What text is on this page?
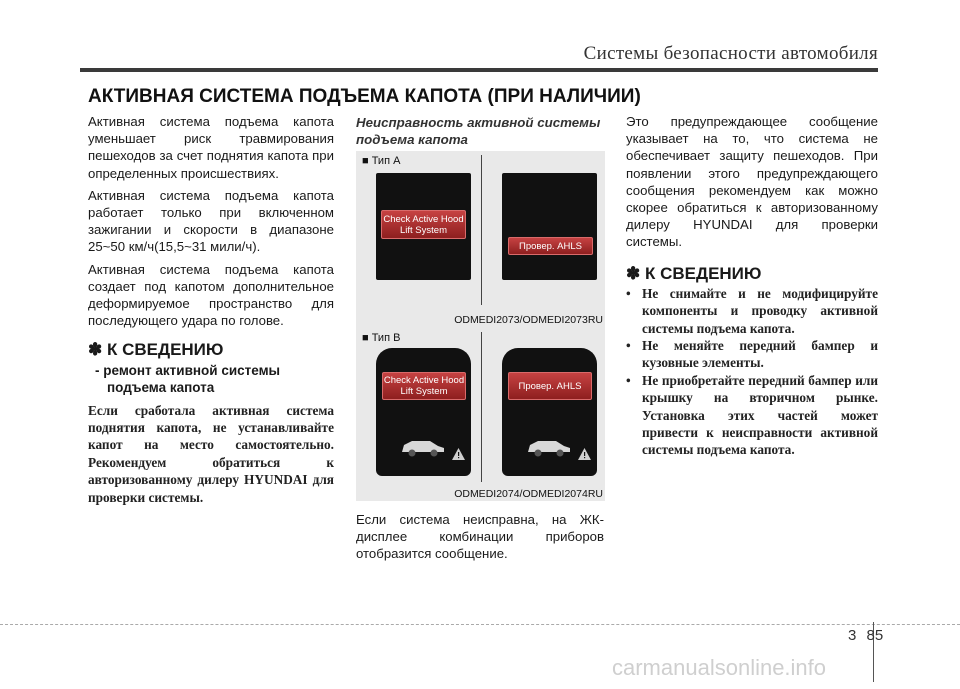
Системы безопасности автомобиля
АКТИВНАЯ СИСТЕМА ПОДЪЕМА КАПОТА (ПРИ НАЛИЧИИ)

Активная система подъема капота уменьшает риск травмирования пешеходов за счет поднятия капота при определенных происшествиях.

Активная система подъема капота работает только при включенном зажигании и скорости в диапазоне 25~50 км/ч(15,5~31 мили/ч).

Активная система подъема капота создает под капотом дополнительное деформируемое пространство для последующего удара по голове.

✽ К СВЕДЕНИЮ
- ремонт активной системы подъема капота
Если сработала активная система поднятия капота, не устанавливайте капот на место самостоятельно. Рекомендуем обратиться к авторизованному дилеру HYUNDAI для проверки системы.
Неисправность активной системы подъема капота
■ Тип A
Check Active Hood Lift System
Провер. AHLS
ODMEDI2073/ODMEDI2073RU
■ Тип B
Check Active Hood Lift System	Провер. AHLS
ODMEDI2074/ODMEDI2074RU
Если система неисправна, на ЖК-дисплее комбинации приборов отобразится сообщение.

Это предупреждающее сообщение указывает на то, что система не обеспечивает защиту пешеходов. При появлении этого предупреждающего сообщения рекомендуем как можно скорее обратиться к авторизованному дилеру HYUNDAI для проверки системы.

✽ К СВЕДЕНИЮ
• Не снимайте и не модифицируйте компоненты и проводку активной системы подъема капота.
• Не меняйте передний бампер и кузовные элементы.
• Не приобретайте передний бампер или крышку на вторичном рынке. Установка этих частей может привести к неисправности активной системы подъема капота.
3 85
carmanualsonline.info
